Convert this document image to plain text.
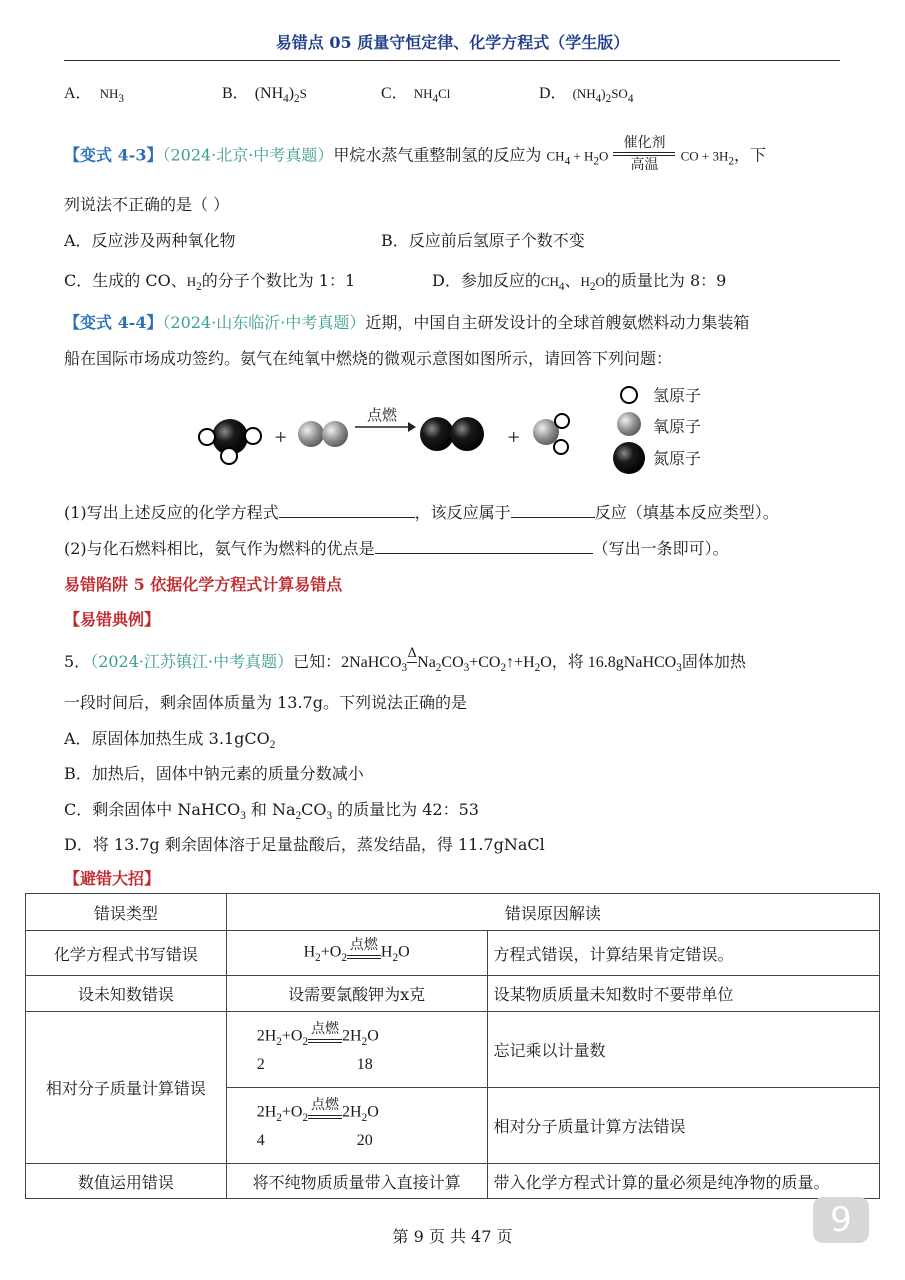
易错点 05 质量守恒定律、化学方程式（学生版）
A． $NH_3$	B． $(NH_4)_2S$	C． $NH_4Cl$	D． $(NH_4)_2SO_4$
【变式 4-3】（2024·北京·中考真题）甲烷水蒸气重整制氢的反应为 $CH_4 + H_2O$
催化剂
高温
CO + $3H_2$，下
列说法不正确的是（ ）
A．反应涉及两种氧化物	B．反应前后氢原子个数不变
C．生成的 CO、$H_2$的分子个数比为 1：1	D．参加反应的$CH_4$、$H_2O$的质量比为 8：9
【变式 4-4】（2024·山东临沂·中考真题）近期，中国自主研发设计的全球首艘氨燃料动力集装箱
船在国际市场成功签约。氨气在纯氧中燃烧的微观示意图如图所示，请回答下列问题：
+
点燃
+
氢原子
氧原子
氮原子
(1)写出上述反应的化学方程式	，该反应属于	反应（填基本反应类型）。
(2)与化石燃料相比，氨气作为燃料的优点是	（写出一条即可）。
易错陷阱 5 依据化学方程式计算易错点
【易错典例】
5．（2024·江苏镇江·中考真题）已知：2NaHCO$_3$
Δ
$Na_2CO_3+CO_2↑+H_2O$，将 16.8gNaHCO$_3$固体加热
一段时间后，剩余固体质量为 13.7g。下列说法正确的是
A．原固体加热生成 3.1gCO$_2$
B．加热后，固体中钠元素的质量分数减小
C．剩余固体中 NaHCO$_3$ 和 $Na_2CO_3$ 的质量比为 42：53
D．将 13.7g 剩余固体溶于足量盐酸后，蒸发结晶，得 11.7gNaCl
【避错大招】
错误类型	错误原因解读	
化学方程式书写错误	$H_2+O_2$
点燃 $H_2O$	方程式错误，计算结果肯定错误。
设未知数错误	设需要氯酸钾为x克	设某物质质量未知数时不要带单位
相对分子质量计算错误	$2H_2+O_2$
点燃 $2H_2O$
2 18	忘记乘以计量数

	$2H_2+O_2$
点燃 $2H_2O$
4 20	相对分子质量计算方法错误
数值运用错误	将不纯物质质量带入直接计算	带入化学方程式计算的量必须是纯净物的质量。
第 9 页 共 47 页	9
